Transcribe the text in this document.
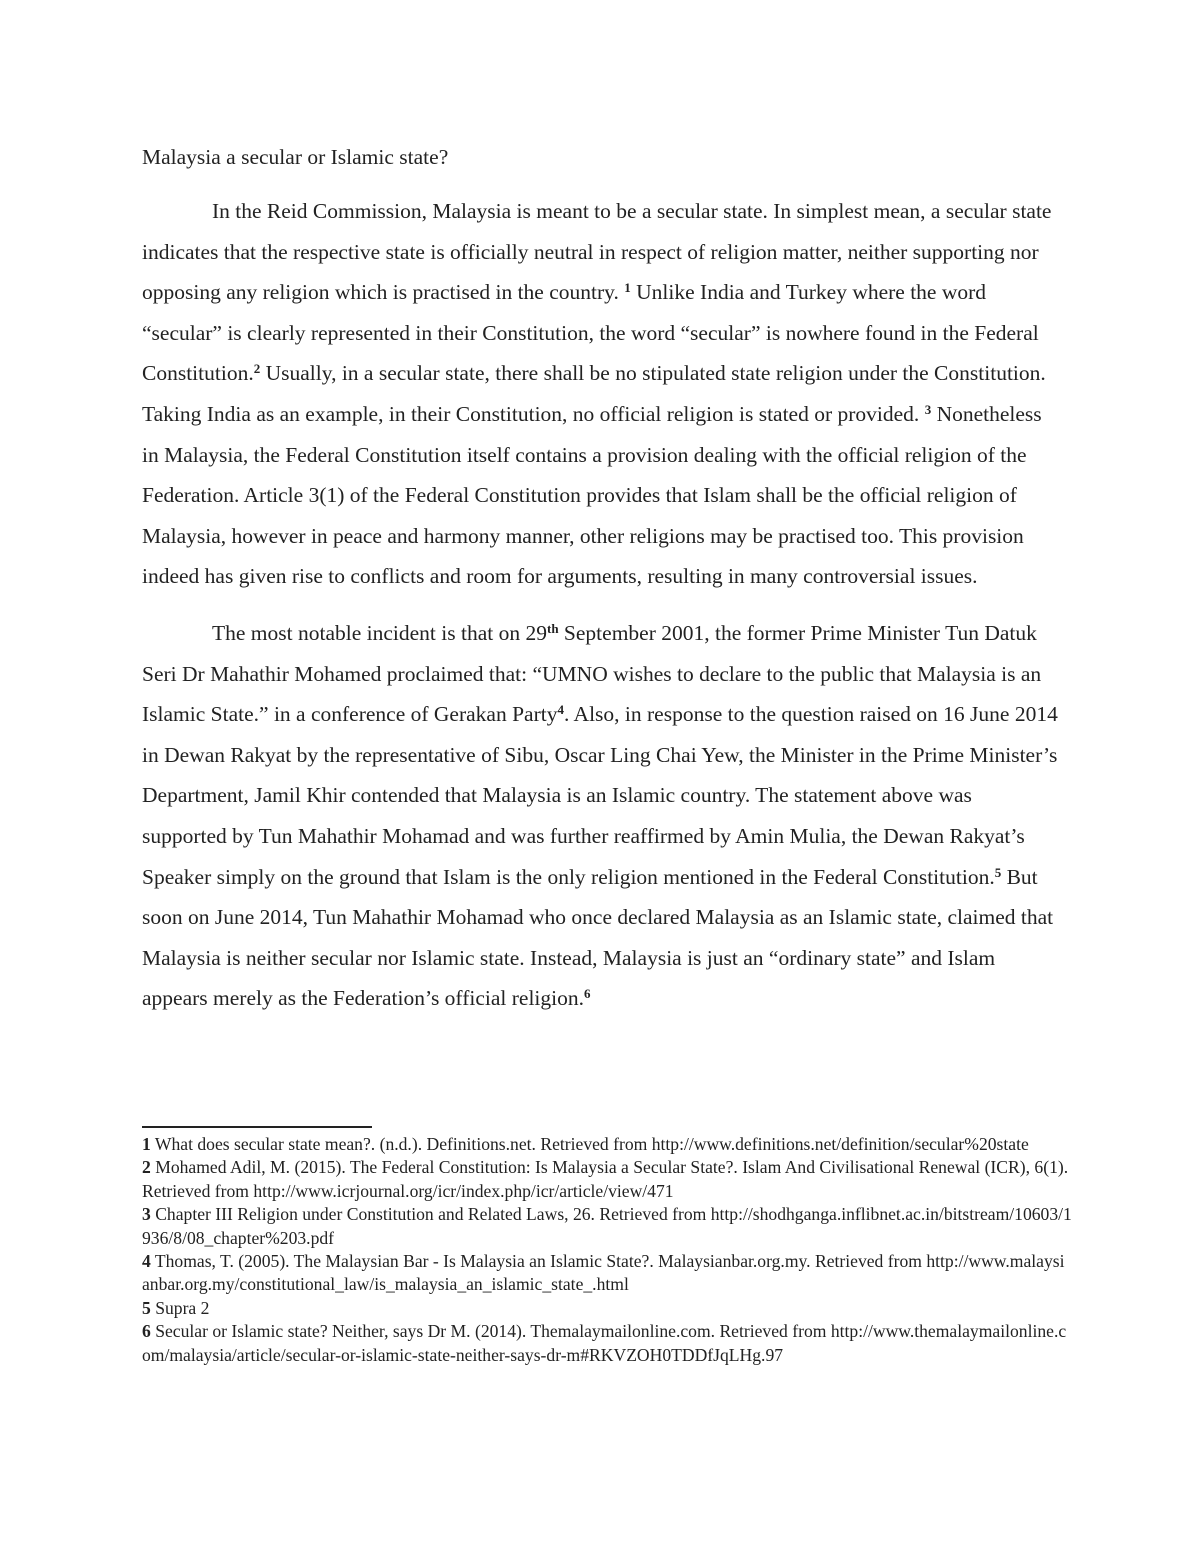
Malaysia a secular or Islamic state?

In the Reid Commission, Malaysia is meant to be a secular state. In simplest mean, a secular state indicates that the respective state is officially neutral in respect of religion matter, neither supporting nor opposing any religion which is practised in the country. $^1$ Unlike India and Turkey where the word “secular” is clearly represented in their Constitution, the word “secular” is nowhere found in the Federal Constitution.$^2$ Usually, in a secular state, there shall be no stipulated state religion under the Constitution. Taking India as an example, in their Constitution, no official religion is stated or provided. $^3$ Nonetheless in Malaysia, the Federal Constitution itself contains a provision dealing with the official religion of the Federation. Article 3(1) of the Federal Constitution provides that Islam shall be the official religion of Malaysia, however in peace and harmony manner, other religions may be practised too. This provision indeed has given rise to conflicts and room for arguments, resulting in many controversial issues.

The most notable incident is that on 29th September 2001, the former Prime Minister Tun Datuk Seri Dr Mahathir Mohamed proclaimed that: “UMNO wishes to declare to the public that Malaysia is an Islamic State.” in a conference of Gerakan Party$^4$. Also, in response to the question raised on 16 June 2014 in Dewan Rakyat by the representative of Sibu, Oscar Ling Chai Yew, the Minister in the Prime Minister’s Department, Jamil Khir contended that Malaysia is an Islamic country. The statement above was supported by Tun Mahathir Mohamad and was further reaffirmed by Amin Mulia, the Dewan Rakyat’s Speaker simply on the ground that Islam is the only religion mentioned in the Federal Constitution.$^5$ But soon on June 2014, Tun Mahathir Mohamad who once declared Malaysia as an Islamic state, claimed that Malaysia is neither secular nor Islamic state. Instead, Malaysia is just an “ordinary state” and Islam appears merely as the Federation’s official religion.$^6$

1 What does secular state mean?. (n.d.). Definitions.net. Retrieved from http://www.definitions.net/definition/secular%20state

2 Mohamed Adil, M. (2015). The Federal Constitution: Is Malaysia a Secular State?. Islam And Civilisational Renewal (ICR), 6(1). Retrieved from http://www.icrjournal.org/icr/index.php/icr/article/view/471

3 Chapter III Religion under Constitution and Related Laws, 26. Retrieved from http://shodhganga.inflibnet.ac.in/bitstream/10603/1936/8/08_chapter%203.pdf

4 Thomas, T. (2005). The Malaysian Bar - Is Malaysia an Islamic State?. Malaysianbar.org.my. Retrieved from http://www.malaysianbar.org.my/constitutional_law/is_malaysia_an_islamic_state_.html

5 Supra 2

6 Secular or Islamic state? Neither, says Dr M. (2014). Themalaymailonline.com. Retrieved from http://www.themalaymailonline.com/malaysia/article/secular-or-islamic-state-neither-says-dr-m#RKVZOH0TDDfJqLHg.97
